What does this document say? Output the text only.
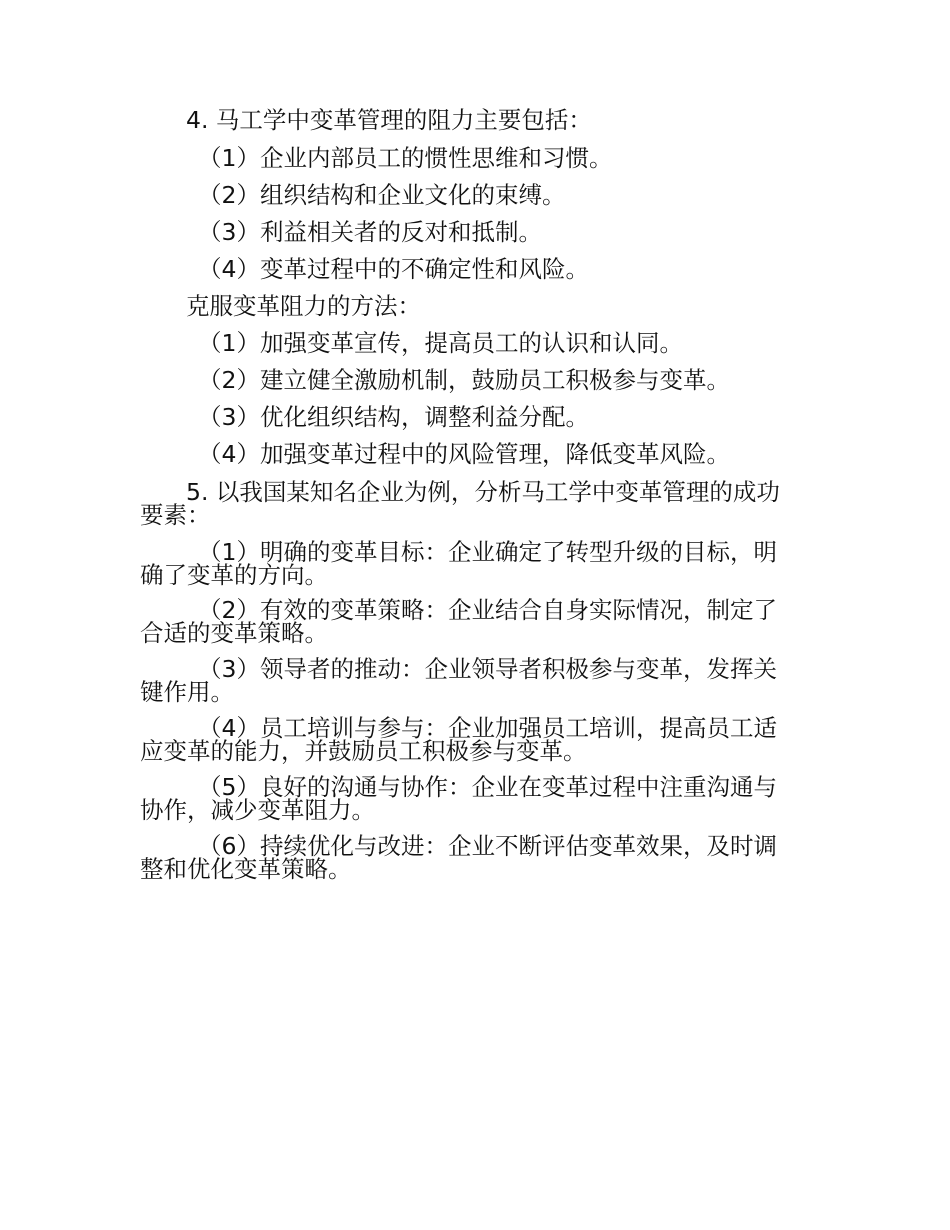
4. 马工学中变革管理的阻力主要包括：
（1）企业内部员工的惯性思维和习惯。
（2）组织结构和企业文化的束缚。
（3）利益相关者的反对和抵制。
（4）变革过程中的不确定性和风险。
克服变革阻力的方法：
（1）加强变革宣传，提高员工的认识和认同。
（2）建立健全激励机制，鼓励员工积极参与变革。
（3）优化组织结构，调整利益分配。
（4）加强变革过程中的风险管理，降低变革风险。
5. 以我国某知名企业为例，分析马工学中变革管理的成功
要素：
（1）明确的变革目标：企业确定了转型升级的目标，明
确了变革的方向。
（2）有效的变革策略：企业结合自身实际情况，制定了
合适的变革策略。
（3）领导者的推动：企业领导者积极参与变革，发挥关
键作用。
（4）员工培训与参与：企业加强员工培训，提高员工适
应变革的能力，并鼓励员工积极参与变革。
（5）良好的沟通与协作：企业在变革过程中注重沟通与
协作，减少变革阻力。
（6）持续优化与改进：企业不断评估变革效果，及时调
整和优化变革策略。
